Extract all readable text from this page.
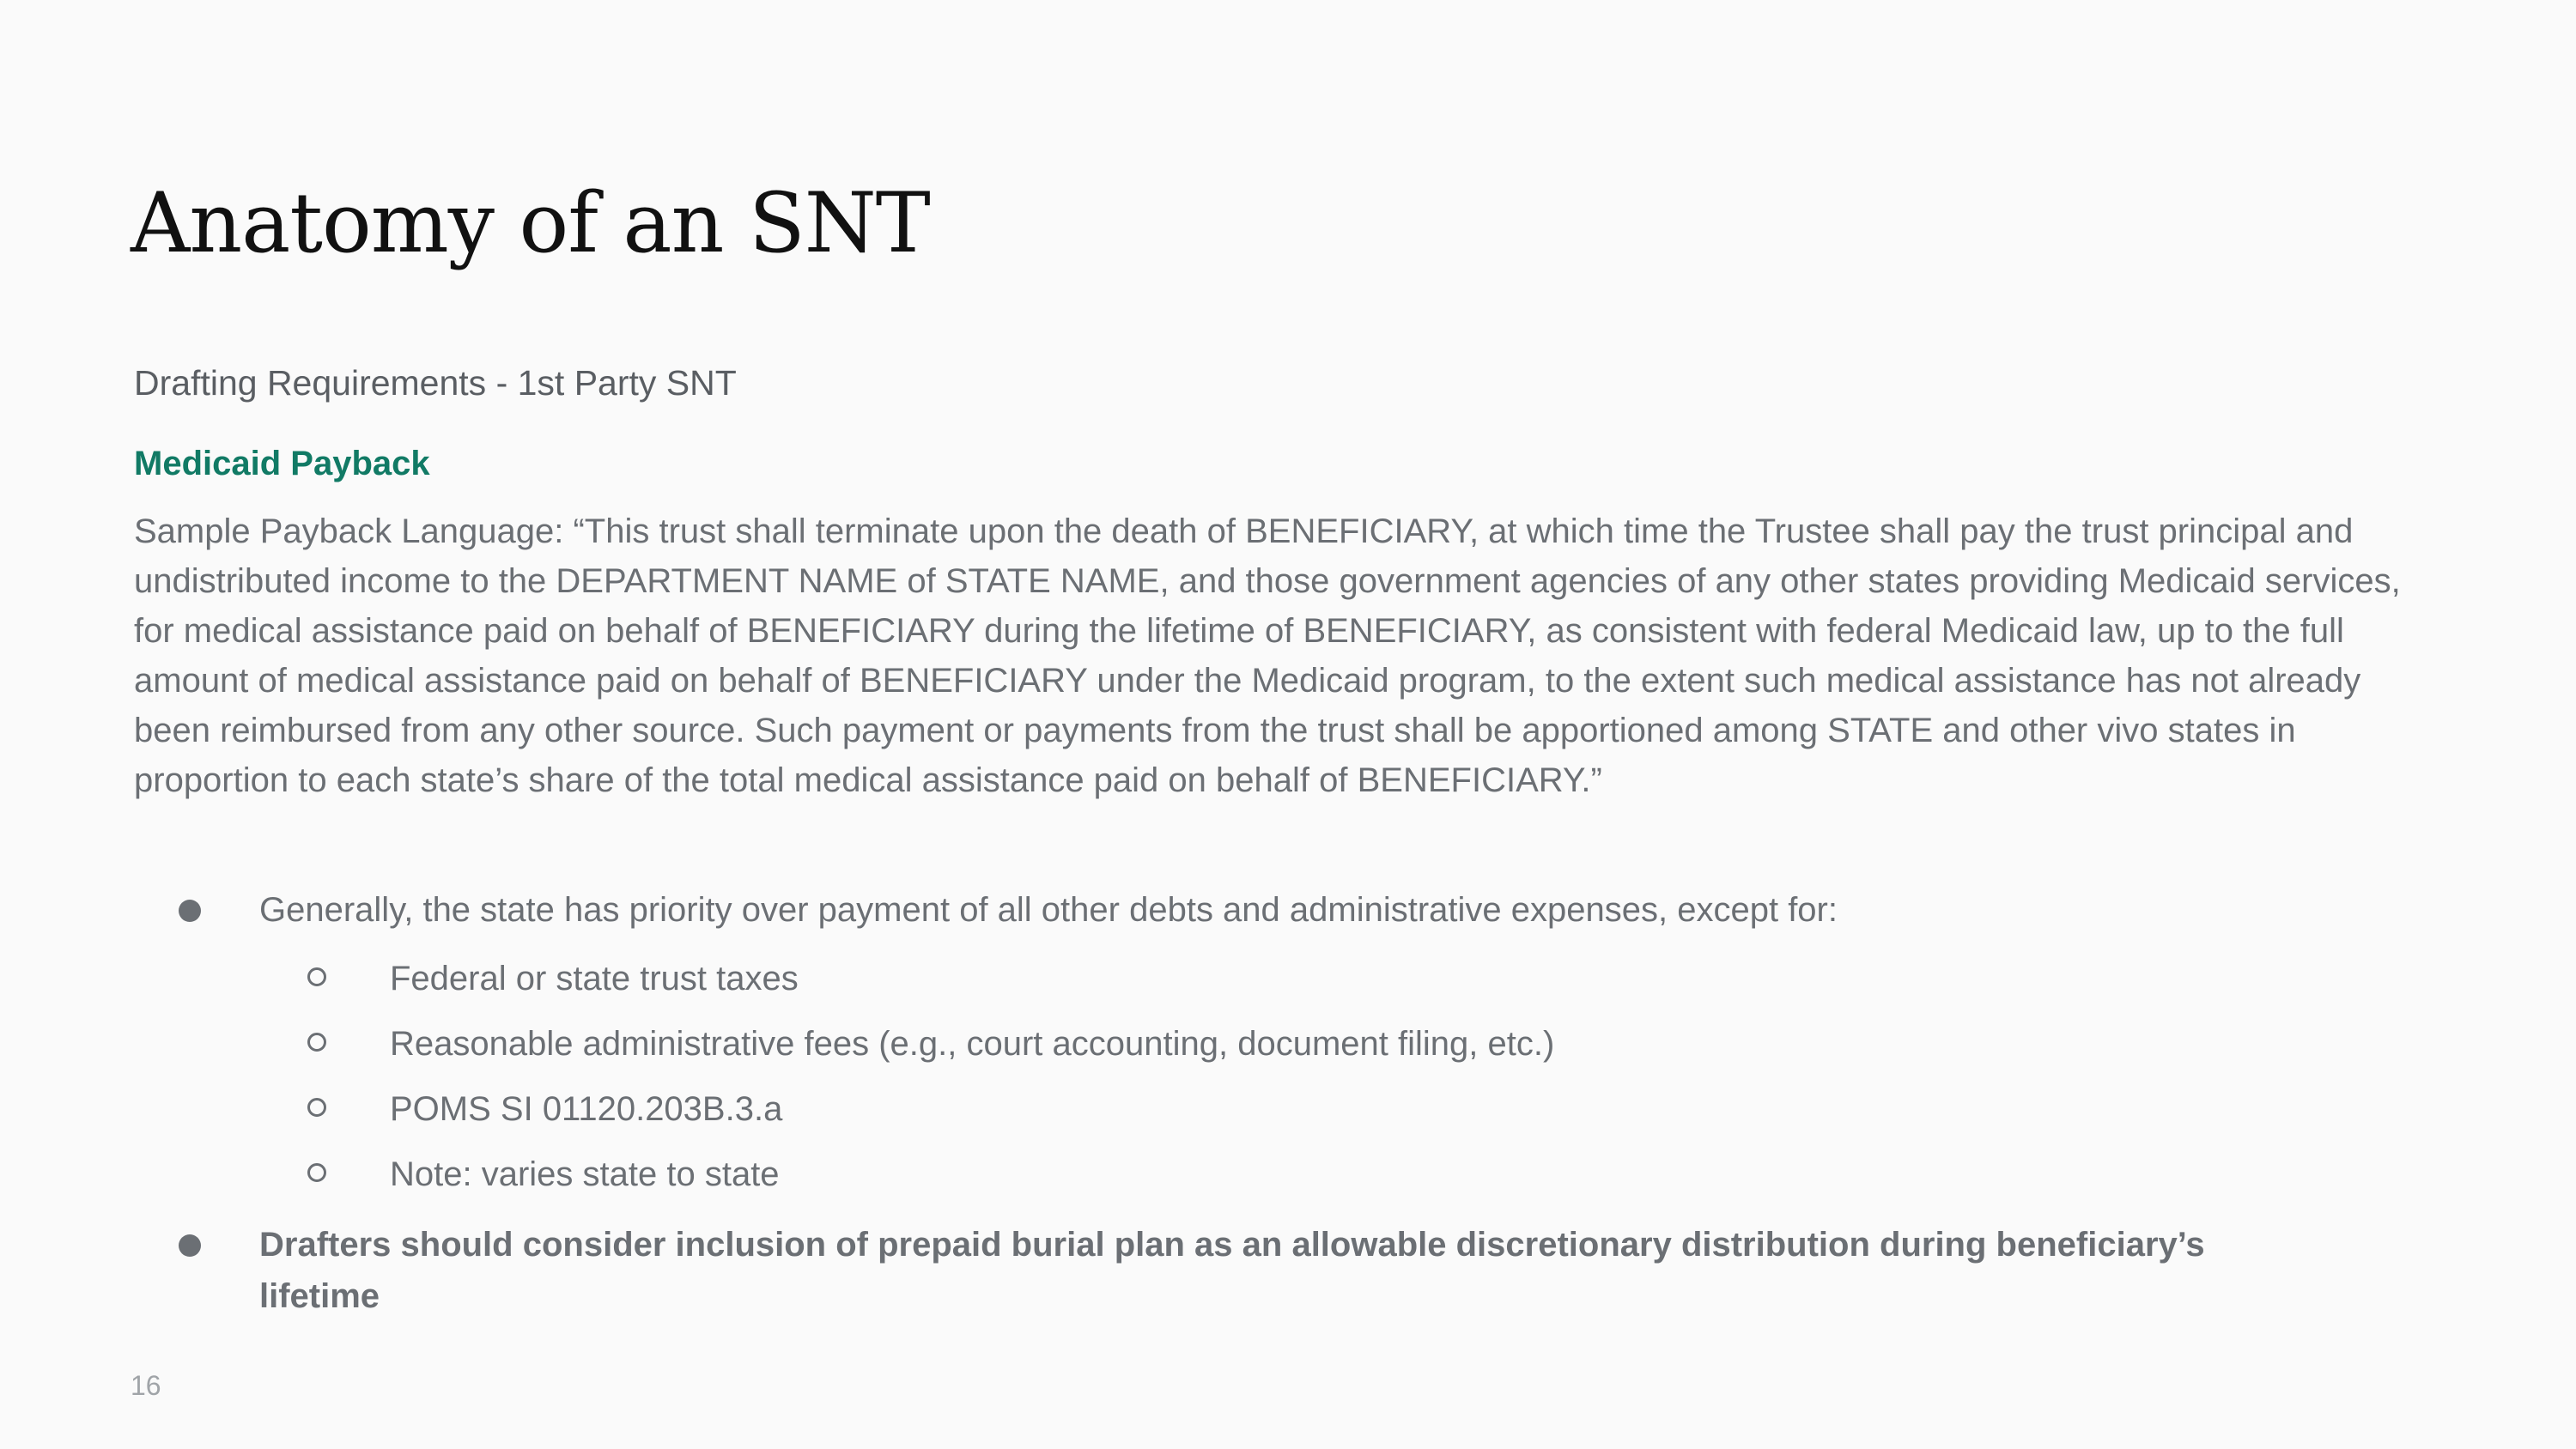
Anatomy of an SNT
Drafting Requirements - 1st Party SNT
Medicaid Payback

Sample Payback Language: “This trust shall terminate upon the death of BENEFICIARY, at which time the Trustee shall pay the trust principal and undistributed income to the DEPARTMENT NAME of STATE NAME, and those government agencies of any other states providing Medicaid services, for medical assistance paid on behalf of BENEFICIARY during the lifetime of BENEFICIARY, as consistent with federal Medicaid law, up to the full amount of medical assistance paid on behalf of BENEFICIARY under the Medicaid program, to the extent such medical assistance has not already been reimbursed from any other source. Such payment or payments from the trust shall be apportioned among STATE and other vivo states in proportion to each state’s share of the total medical assistance paid on behalf of BENEFICIARY.”

Generally, the state has priority over payment of all other debts and administrative expenses, except for:
Federal or state trust taxes
Reasonable administrative fees (e.g., court accounting, document filing, etc.)
POMS SI 01120.203B.3.a
Note: varies state to state
Drafters should consider inclusion of prepaid burial plan as an allowable discretionary distribution during beneficiary’s lifetime
16
